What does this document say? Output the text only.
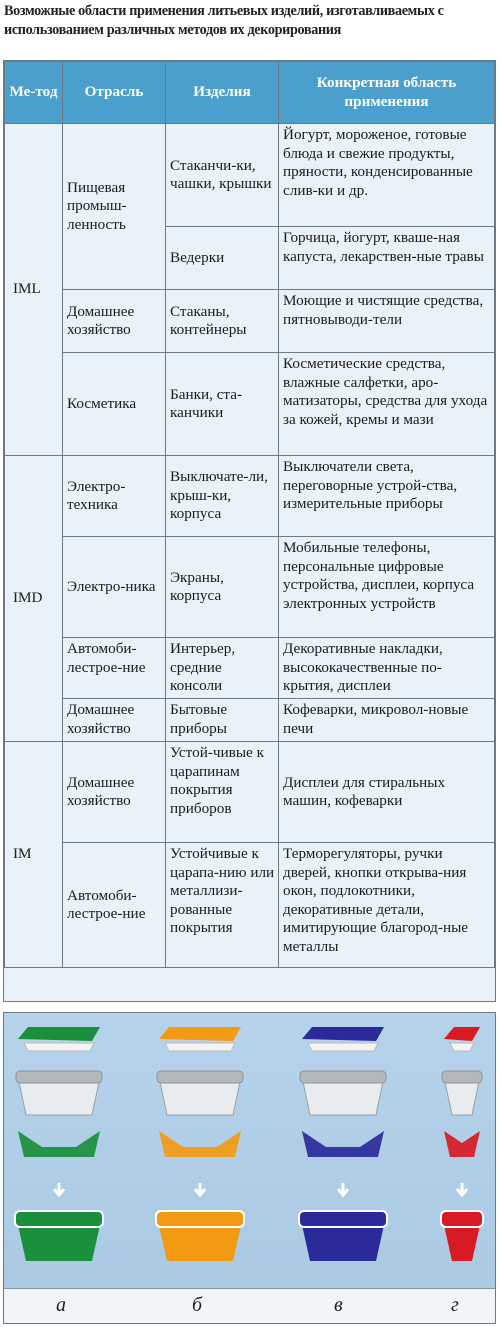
Возможные области применения литьевых изделий, изготавливаемых с использованием различных методов их декорирования
Ме-тод	Отрасль	Изделия	Конкретная область применения
IML	Пищевая промыш-ленность	Стаканчи-ки, чашки, крышки	Йогурт, мороженое, готовые блюда и свежие продукты, пряности, конденсированные слив-ки и др.
		Ведерки	Горчица, йогурт, кваше-ная капуста, лекарствен-ные травы
	Домашнее хозяйство	Стаканы, контейнеры	Моющие и чистящие средства, пятновыводи-тели
	Косметика	Банки, ста-канчики	Косметические средства, влажные салфетки, аро-матизаторы, средства для ухода за кожей, кремы и мази
IMD	Электро-техника	Выключате-ли, крыш-ки, корпуса	Выключатели света, переговорные устрой-ства, измерительные приборы
	Электро-ника	Экраны, корпуса	Мобильные телефоны, персональные цифровые устройства, дисплеи, корпуса электронных устройств
	Автомоби-лестрое-ние	Интерьер, средние консоли	Декоративные накладки, высококачественные по-крытия, дисплеи
	Домашнее хозяйство	Бытовые приборы	Кофеварки, микровол-новые печи
IM	Домашнее хозяйство	Устой-чивые к царапинам покрытия приборов	Дисплеи для стиральных машин, кофеварки
	Автомоби-лестрое-ние	Устойчивые к царапа-нию или металлизи-рованные покрытия	Терморегуляторы, ручки дверей, кнопки открыва-ния окон, подлокотники, декоративные детали, имитирующие благород-ные металлы
а	б	в	г
